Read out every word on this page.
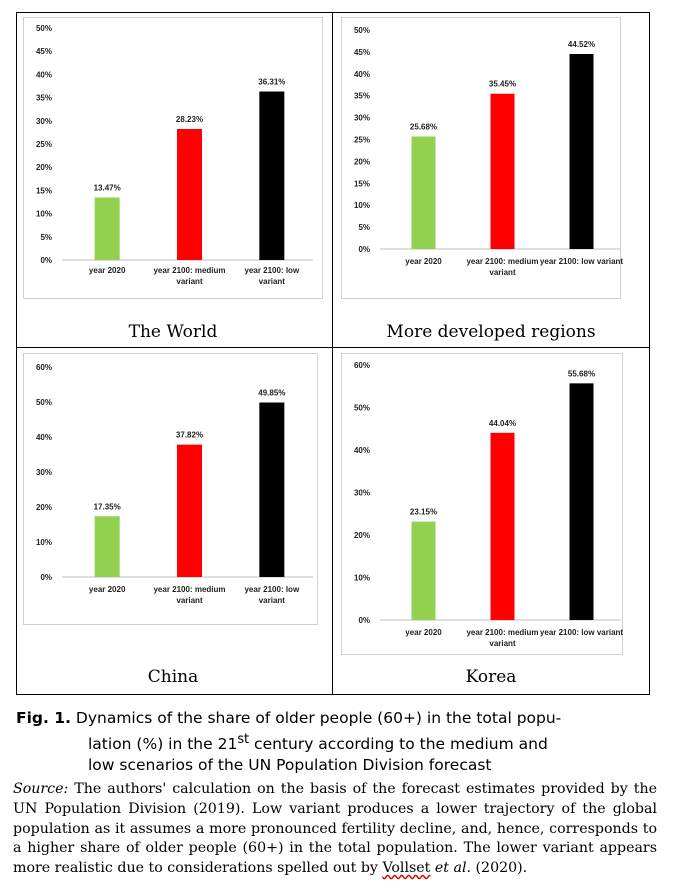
0%
5%
10%
15%
20%
25%
30%
35%
40%
45%
50%
13.47%
year 2020
28.23%
year 2100: medium variant
36.31%
year 2100: low variant
The World
0%
5%
10%
15%
20%
25%
30%
35%
40%
45%
50%
25.68%
year 2020
35.45%
year 2100: medium variant
44.52%
year 2100: low variant
More developed regions
0%
10%
20%
30%
40%
50%
60%
17.35%
year 2020
37.82%
year 2100: medium variant
49.85%
year 2100: low variant
China
0%
10%
20%
30%
40%
50%
60%
23.15%
year 2020
44.04%
year 2100: medium variant
55.68%
year 2100: low variant
Korea
Fig. 1. Dynamics of the share of older people (60+) in the total popu-
lation (%) in the 21st century according to the medium and
low scenarios of the UN Population Division forecast
Source: The authors' calculation on the basis of the forecast estimates provided by the UN Population Division (2019). Low variant produces a lower trajectory of the global population as it assumes a more pronounced fertility decline, and, hence, corresponds to a higher share of older people (60+) in the total population. The lower variant appears more realistic due to considerations spelled out by Vollset et al. (2020).
